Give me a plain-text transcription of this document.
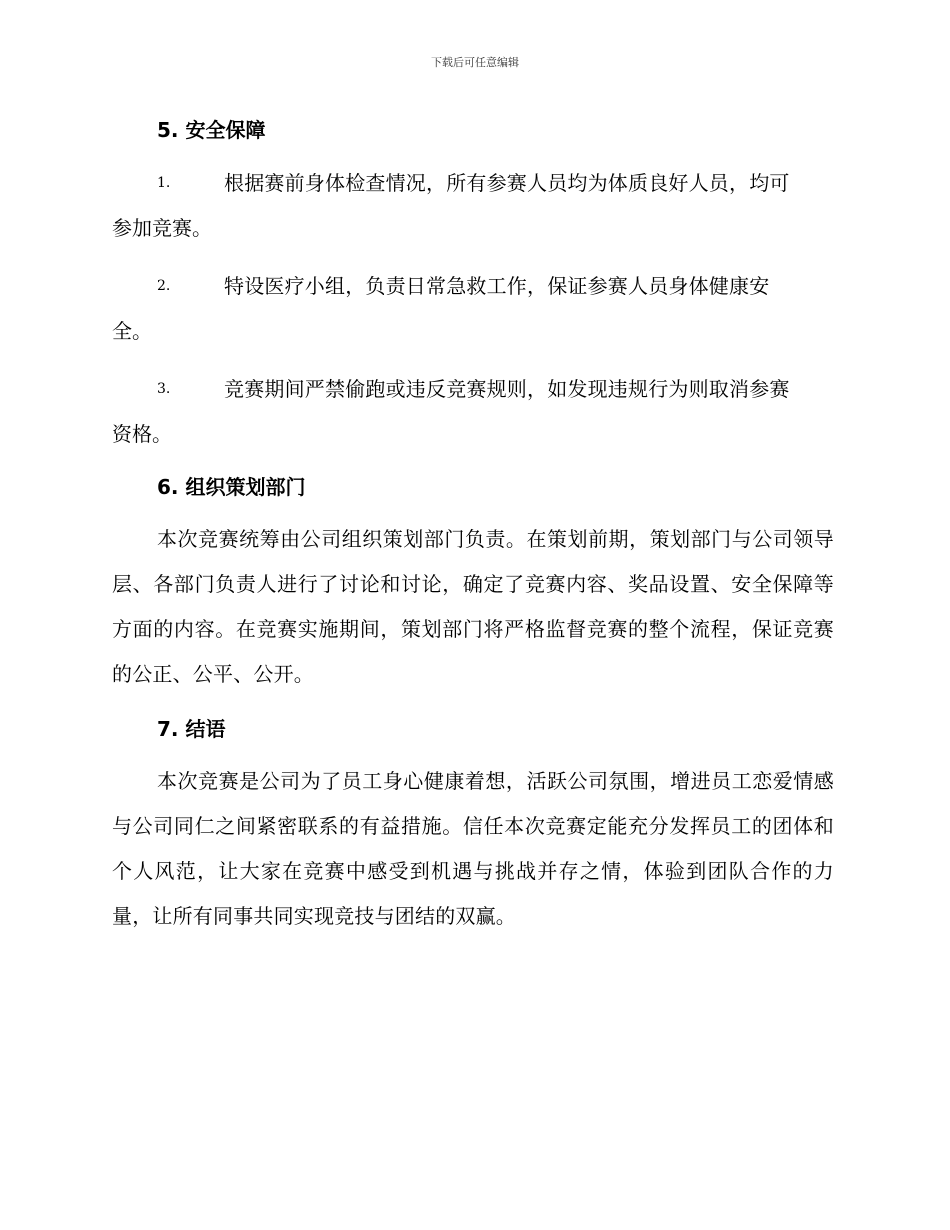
下载后可任意编辑
5. 安全保障
1.	根据赛前身体检查情况，所有参赛人员均为体质良好人员，均可
参加竞赛。
2.	特设医疗小组，负责日常急救工作，保证参赛人员身体健康安
全。
3.	竞赛期间严禁偷跑或违反竞赛规则，如发现违规行为则取消参赛
资格。
6. 组织策划部门
本次竞赛统筹由公司组织策划部门负责。在策划前期，策划部门与公司领导层、各部门负责人进行了讨论和讨论，确定了竞赛内容、奖品设置、安全保障等方面的内容。在竞赛实施期间，策划部门将严格监督竞赛的整个流程，保证竞赛的公正、公平、公开。
7. 结语
本次竞赛是公司为了员工身心健康着想，活跃公司氛围，增进员工恋爱情感与公司同仁之间紧密联系的有益措施。信任本次竞赛定能充分发挥员工的团体和个人风范，让大家在竞赛中感受到机遇与挑战并存之情，体验到团队合作的力量，让所有同事共同实现竞技与团结的双赢。
